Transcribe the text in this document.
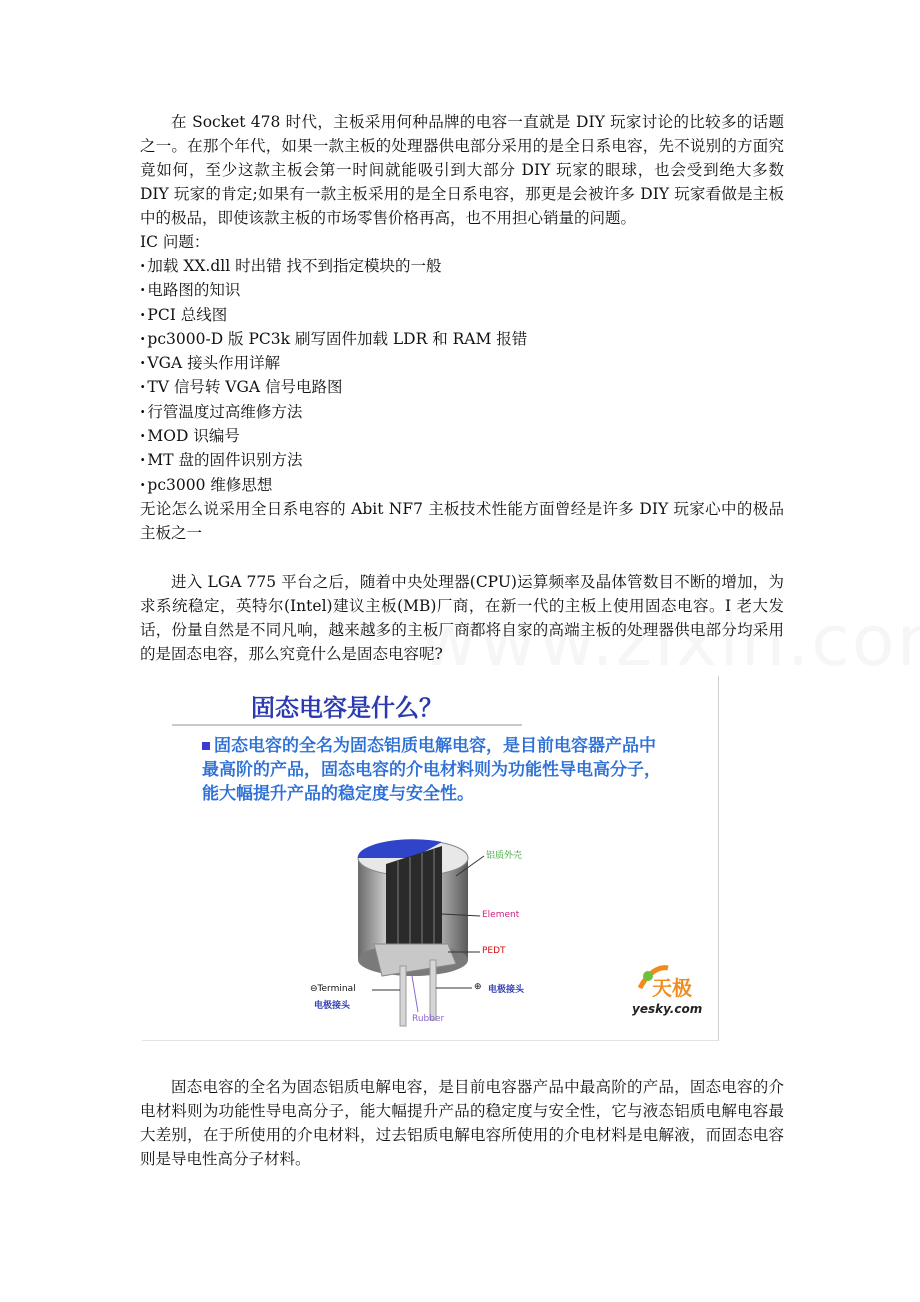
在 Socket 478 时代，主板采用何种品牌的电容一直就是 DIY 玩家讨论的比较多的话题之一。在那个年代，如果一款主板的处理器供电部分采用的是全日系电容，先不说别的方面究竟如何，至少这款主板会第一时间就能吸引到大部分 DIY 玩家的眼球，也会受到绝大多数 DIY 玩家的肯定;如果有一款主板采用的是全日系电容，那更是会被许多 DIY 玩家看做是主板中的极品，即使该款主板的市场零售价格再高，也不用担心销量的问题。

IC 问题：

· 加载 XX.dll 时出错 找不到指定模块的一般
· 电路图的知识
· PCI 总线图
· pc3000-D 版 PC3k 刷写固件加载 LDR 和 RAM 报错
· VGA 接头作用详解
· TV 信号转 VGA 信号电路图
· 行管温度过高维修方法
· MOD 识编号
· MT 盘的固件识别方法
· pc3000 维修思想

无论怎么说采用全日系电容的 Abit NF7 主板技术性能方面曾经是许多 DIY 玩家心中的极品主板之一

进入 LGA 775 平台之后，随着中央处理器(CPU)运算频率及晶体管数目不断的增加，为求系统稳定，英特尔(Intel)建议主板(MB)厂商，在新一代的主板上使用固态电容。I 老大发话，份量自然是不同凡响，越来越多的主板厂商都将自家的高端主板的处理器供电部分均采用的是固态电容，那么究竟什么是固态电容呢?

固态电容是什么？
固态电容的全名为固态铝质电解电容，是目前电容器产品中最高阶的产品，固态电容的介电材料则为功能性导电高分子，能大幅提升产品的稳定度与安全性。
铝质外壳
Element
PEDT
⊖Terminal
电极接头
⊕ 电极接头
Rubber
天极
yesky.com

固态电容的全名为固态铝质电解电容，是目前电容器产品中最高阶的产品，固态电容的介电材料则为功能性导电高分子，能大幅提升产品的稳定度与安全性，它与液态铝质电解电容最大差别，在于所使用的介电材料，过去铝质电解电容所使用的介电材料是电解液，而固态电容则是导电性高分子材料。
